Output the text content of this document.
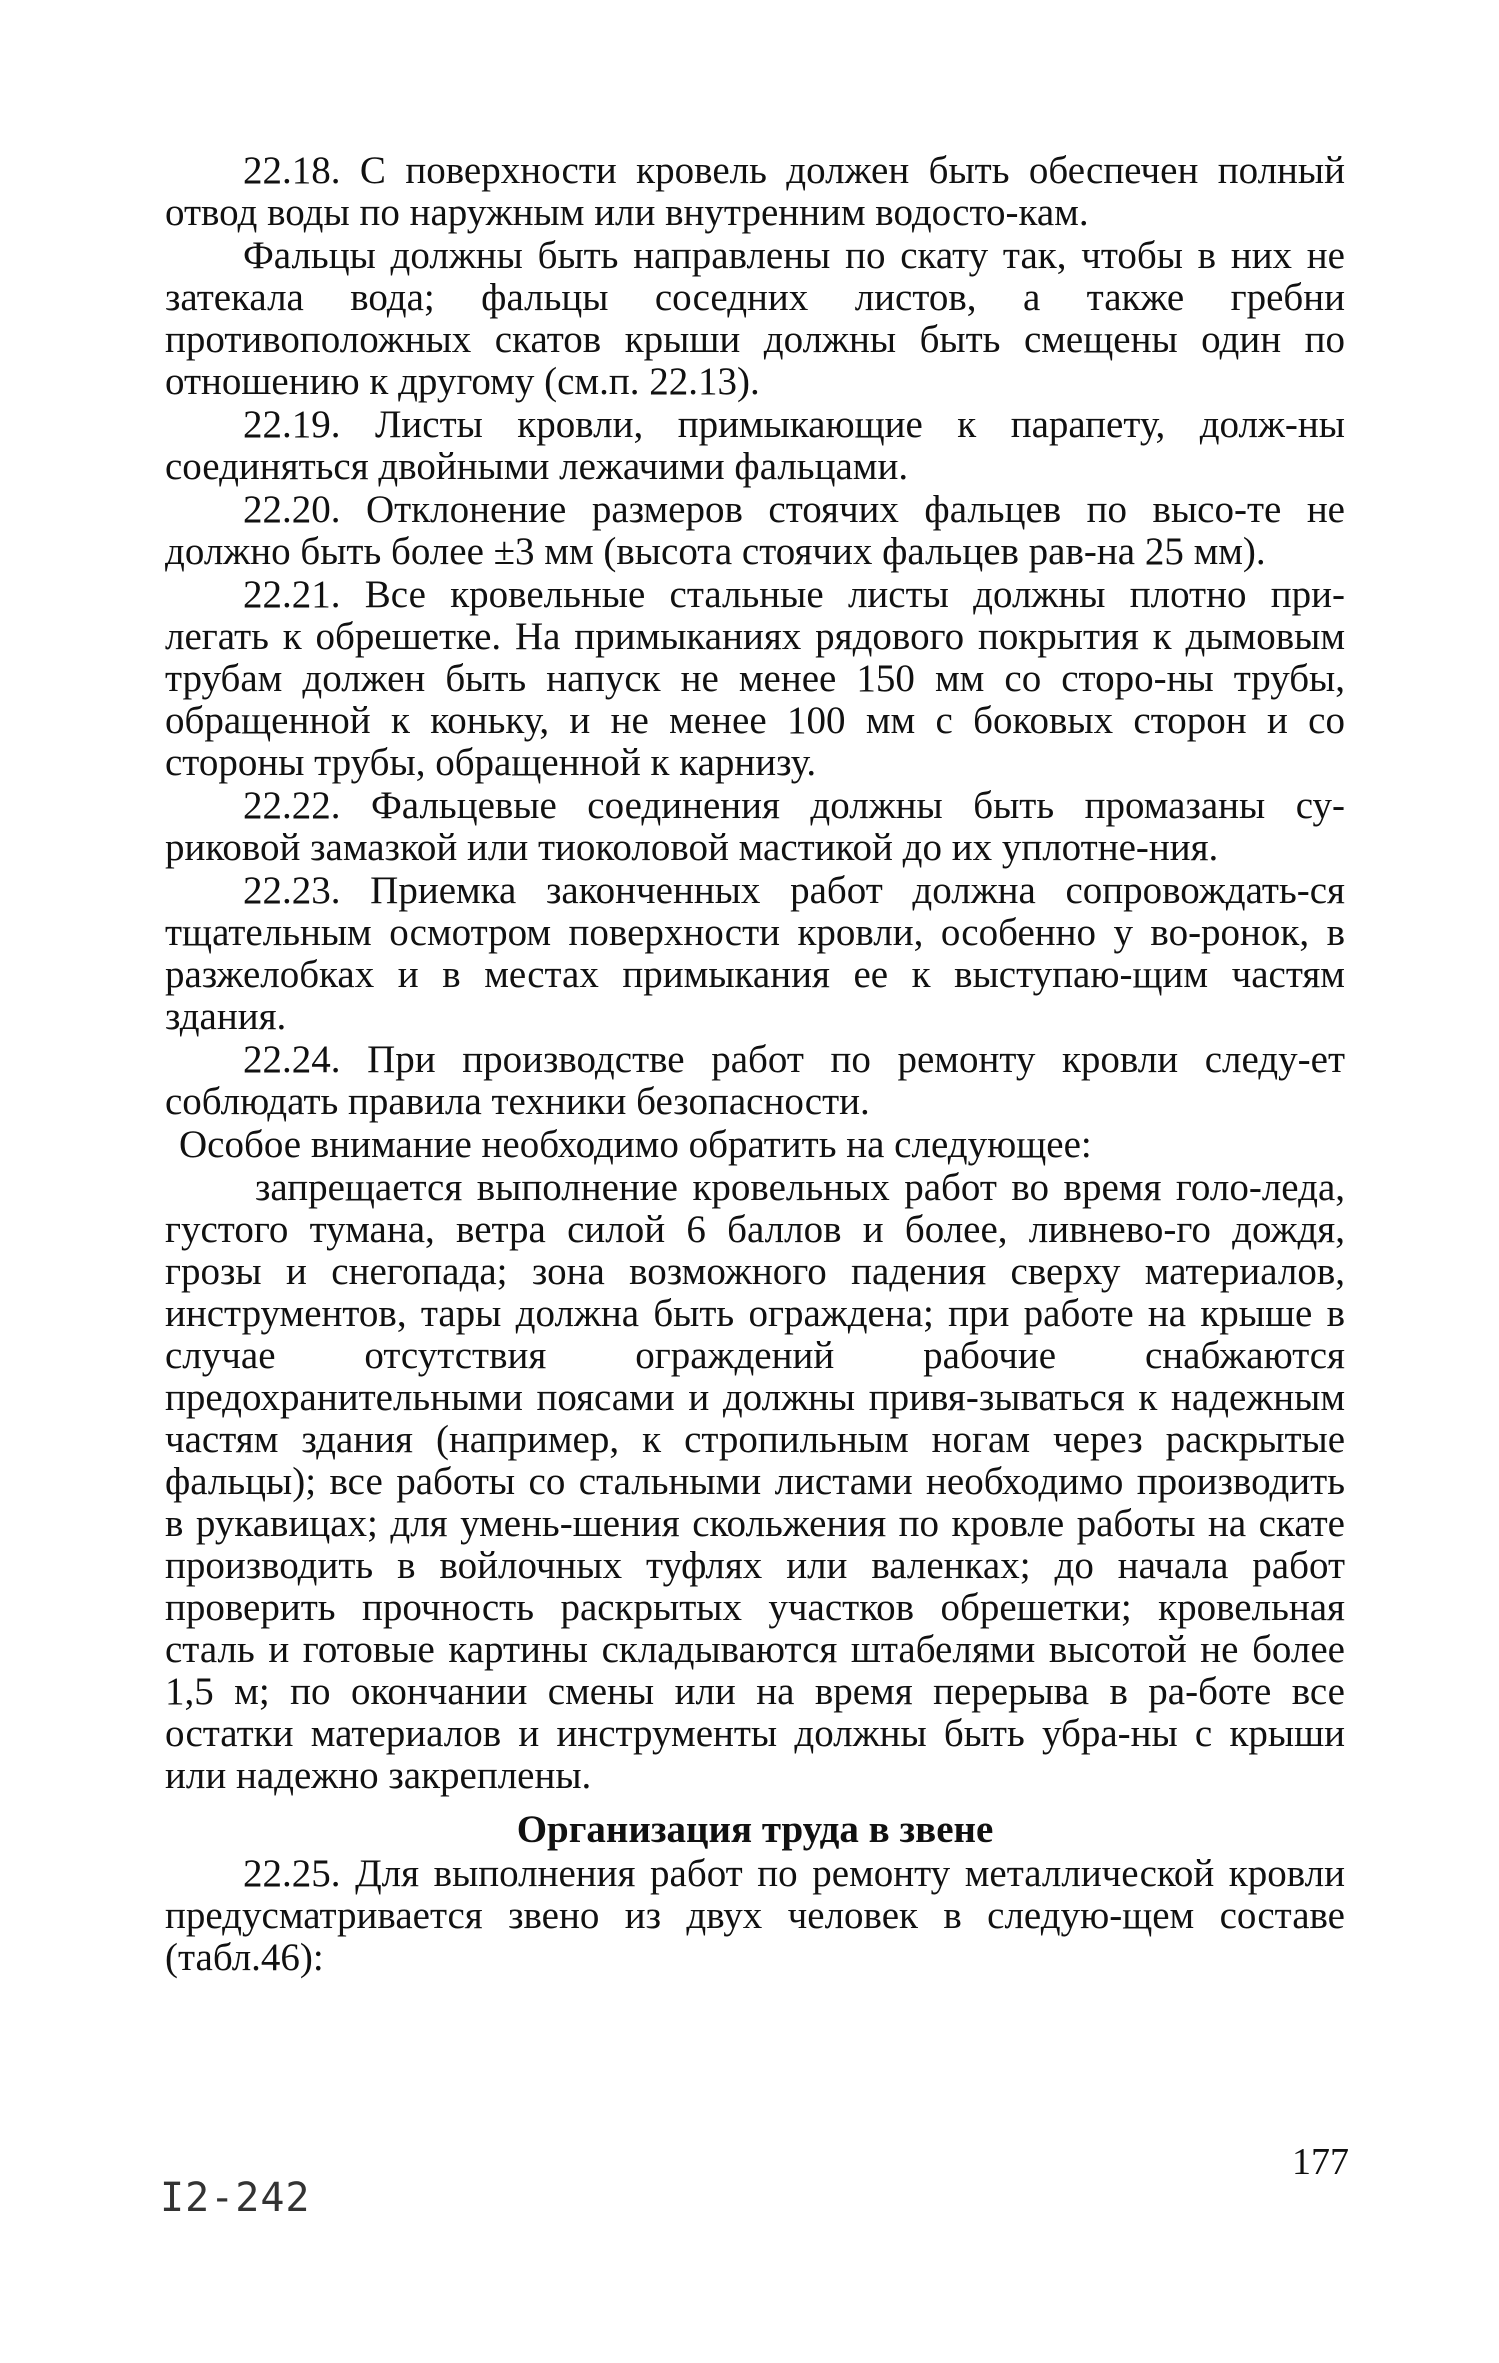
22.18. С поверхности кровель должен быть обеспечен полный отвод воды по наружным или внутренним водосто-кам.

Фальцы должны быть направлены по скату так, чтобы в них не затекала вода; фальцы соседних листов, а также гребни противоположных скатов крыши должны быть смещены один по отношению к другому (см.п. 22.13).

22.19. Листы кровли, примыкающие к парапету, долж-ны соединяться двойными лежачими фальцами.

22.20. Отклонение размеров стоячих фальцев по высо-те не должно быть более ±3 мм (высота стоячих фальцев рав-на 25 мм).

22.21. Все кровельные стальные листы должны плотно при-легать к обрешетке. На примыканиях рядового покрытия к дымовым трубам должен быть напуск не менее 150 мм со сторо-ны трубы, обращенной к коньку, и не менее 100 мм с боковых сторон и со стороны трубы, обращенной к карнизу.

22.22. Фальцевые соединения должны быть промазаны су-риковой замазкой или тиоколовой мастикой до их уплотне-ния.

22.23. Приемка законченных работ должна сопровождать-ся тщательным осмотром поверхности кровли, особенно у во-ронок, в разжелобках и в местах примыкания ее к выступаю-щим частям здания.

22.24. При производстве работ по ремонту кровли следу-ет соблюдать правила техники безопасности.

Особое внимание необходимо обратить на следующее:

запрещается выполнение кровельных работ во время голо-леда, густого тумана, ветра силой 6 баллов и более, ливнево-го дождя, грозы и снегопада; зона возможного падения сверху материалов, инструментов, тары должна быть ограждена; при работе на крыше в случае отсутствия ограждений рабочие снабжаются предохранительными поясами и должны привя-зываться к надежным частям здания (например, к стропильным ногам через раскрытые фальцы); все работы со стальными листами необходимо производить в рукавицах; для умень-шения скольжения по кровле работы на скате производить в войлочных туфлях или валенках; до начала работ проверить прочность раскрытых участков обрешетки; кровельная сталь и готовые картины складываются штабелями высотой не более 1,5 м; по окончании смены или на время перерыва в ра-боте все остатки материалов и инструменты должны быть убра-ны с крыши или надежно закреплены.

Организация труда в звене

22.25. Для выполнения работ по ремонту металлической кровли предусматривается звено из двух человек в следую-щем составе (табл.46):

177
I2-242
